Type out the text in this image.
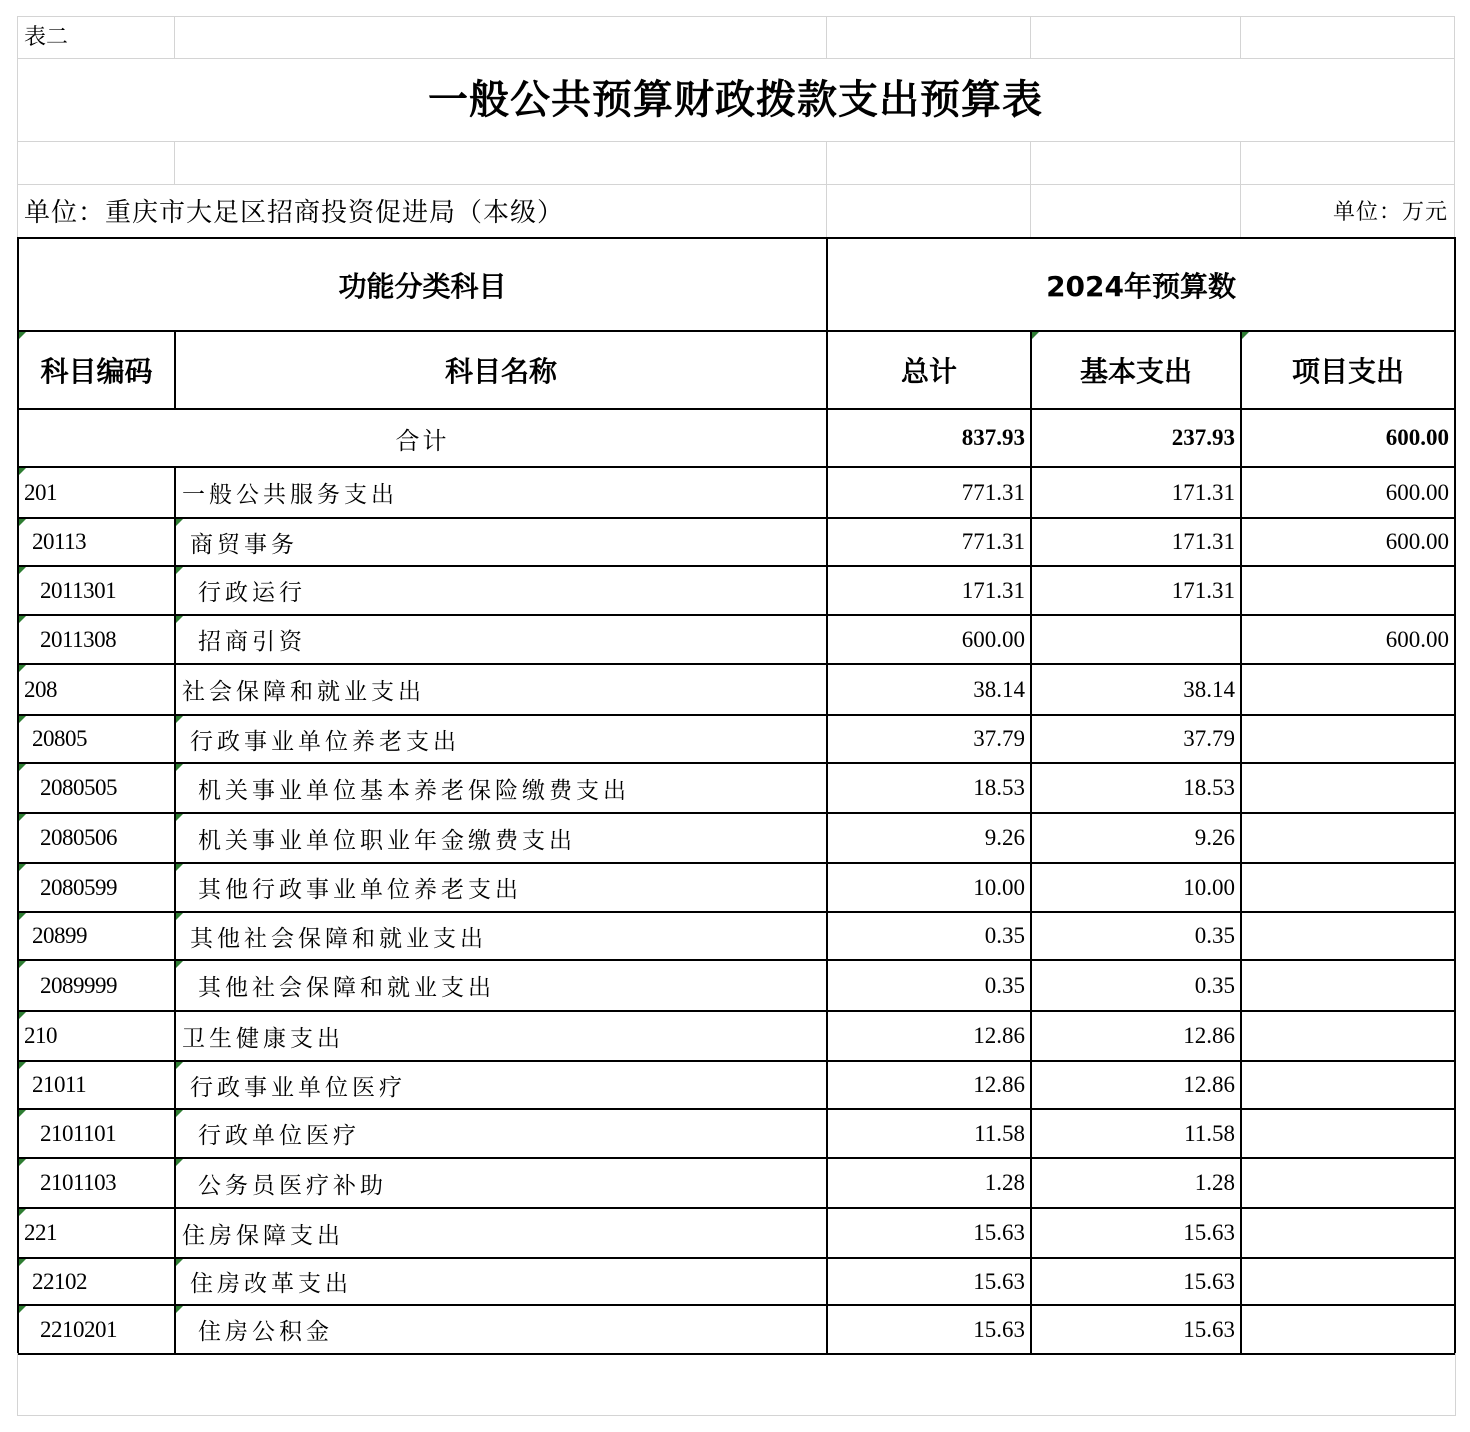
表二
一般公共预算财政拨款支出预算表
单位：重庆市大足区招商投资促进局（本级）	单位：万元
功能分类科目		2024年预算数		
科目编码	科目名称	总计	基本支出	项目支出
合计		837.93	237.93	600.00
201	一般公共服务支出	771.31	171.31	600.00
20113	商贸事务	771.31	171.31	600.00
2011301	行政运行	171.31	171.31	
2011308	招商引资	600.00		600.00
208	社会保障和就业支出	38.14	38.14	
20805	行政事业单位养老支出	37.79	37.79	
2080505	机关事业单位基本养老保险缴费支出	18.53	18.53	
2080506	机关事业单位职业年金缴费支出	9.26	9.26	
2080599	其他行政事业单位养老支出	10.00	10.00	
20899	其他社会保障和就业支出	0.35	0.35	
2089999	其他社会保障和就业支出	0.35	0.35	
210	卫生健康支出	12.86	12.86	
21011	行政事业单位医疗	12.86	12.86	
2101101	行政单位医疗	11.58	11.58	
2101103	公务员医疗补助	1.28	1.28	
221	住房保障支出	15.63	15.63	
22102	住房改革支出	15.63	15.63	
2210201	住房公积金	15.63	15.63	
